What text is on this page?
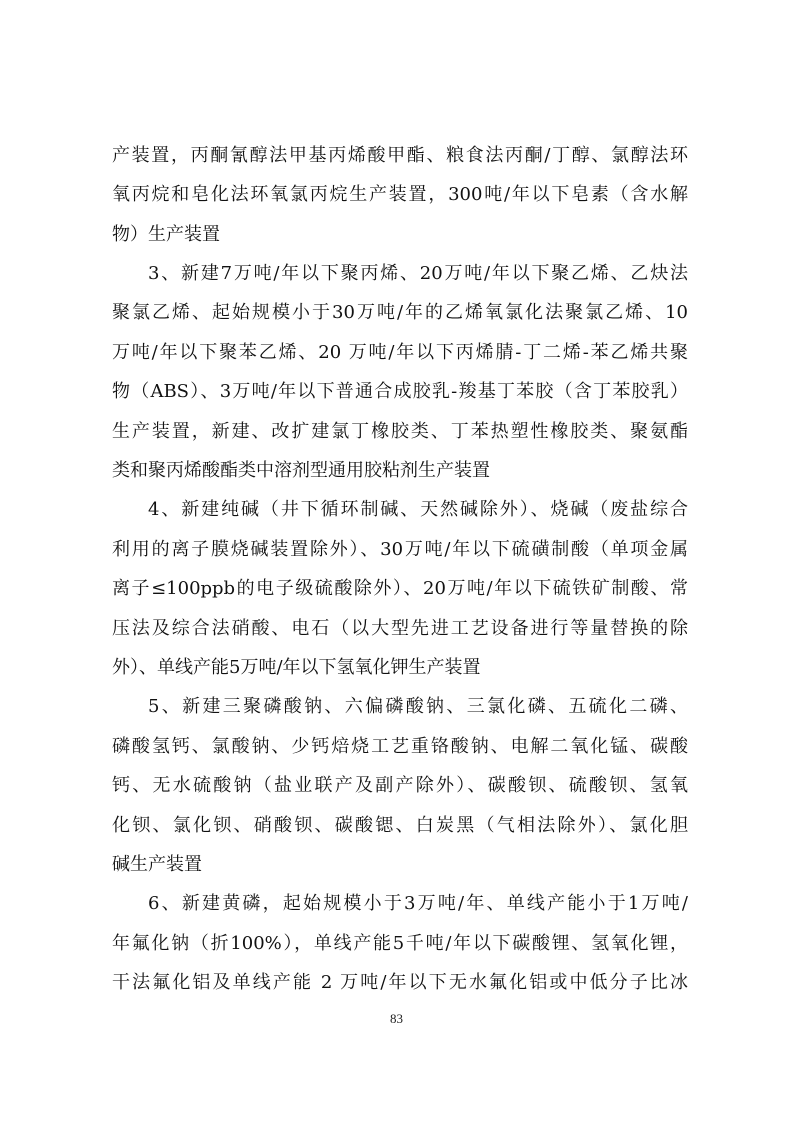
产装置，丙酮氰醇法甲基丙烯酸甲酯、粮食法丙酮/丁醇、氯醇法环
氧丙烷和皂化法环氧氯丙烷生产装置，300吨/年以下皂素（含水解
物）生产装置
3、新建7万吨/年以下聚丙烯、20万吨/年以下聚乙烯、乙炔法
聚氯乙烯、起始规模小于30万吨/年的乙烯氧氯化法聚氯乙烯、10
万吨/年以下聚苯乙烯、20 万吨/年以下丙烯腈-丁二烯-苯乙烯共聚
物（ABS）、3万吨/年以下普通合成胶乳-羧基丁苯胶（含丁苯胶乳）
生产装置，新建、改扩建氯丁橡胶类、丁苯热塑性橡胶类、聚氨酯
类和聚丙烯酸酯类中溶剂型通用胶粘剂生产装置
4、新建纯碱（井下循环制碱、天然碱除外）、烧碱（废盐综合
利用的离子膜烧碱装置除外）、30万吨/年以下硫磺制酸（单项金属
离子≤100ppb的电子级硫酸除外）、20万吨/年以下硫铁矿制酸、常
压法及综合法硝酸、电石（以大型先进工艺设备进行等量替换的除
外）、单线产能5万吨/年以下氢氧化钾生产装置
5、新建三聚磷酸钠、六偏磷酸钠、三氯化磷、五硫化二磷、
磷酸氢钙、氯酸钠、少钙焙烧工艺重铬酸钠、电解二氧化锰、碳酸
钙、无水硫酸钠（盐业联产及副产除外）、碳酸钡、硫酸钡、氢氧
化钡、氯化钡、硝酸钡、碳酸锶、白炭黑（气相法除外）、氯化胆
碱生产装置
6、新建黄磷，起始规模小于3万吨/年、单线产能小于1万吨/
年氟化钠（折100%），单线产能5千吨/年以下碳酸锂、氢氧化锂，
干法氟化铝及单线产能 2 万吨/年以下无水氟化铝或中低分子比冰
83
